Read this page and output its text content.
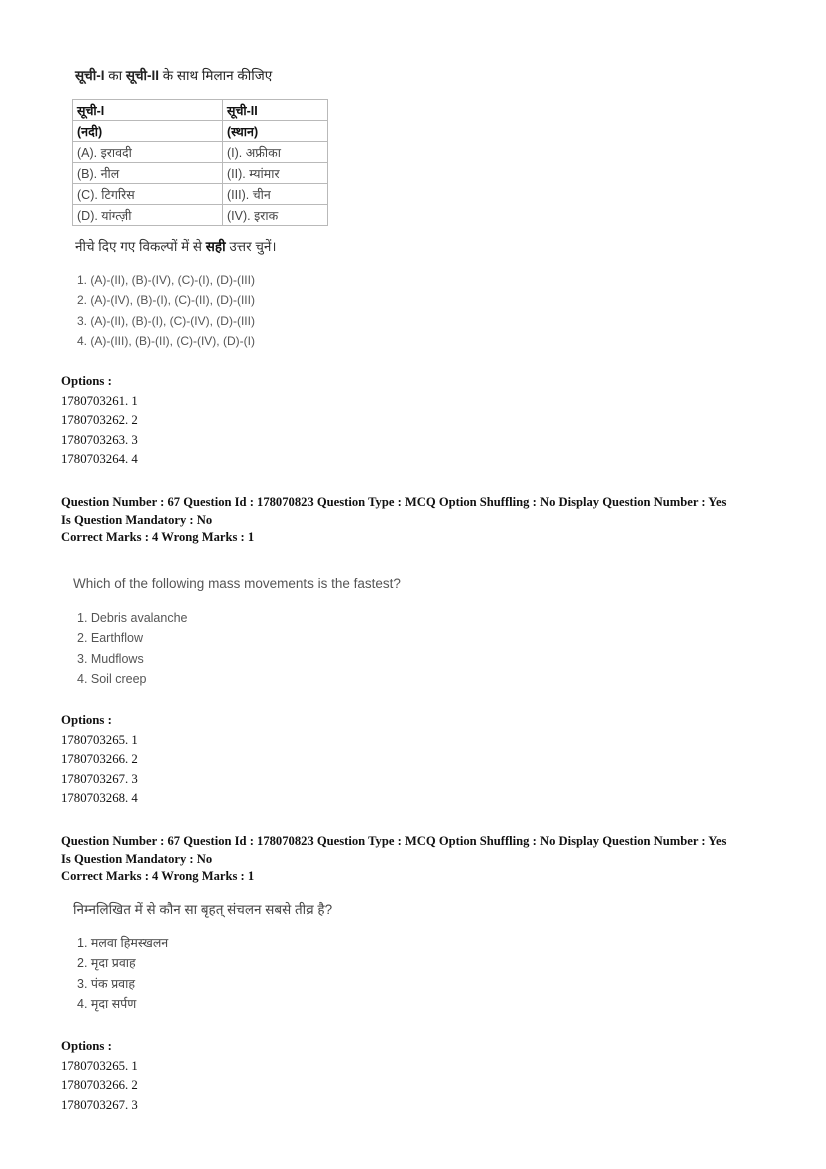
सूची-I का सूची-II के साथ मिलान कीजिए
सूची-I	सूची-II
(नदी)	(स्थान)
(A). इरावदी	(I). अफ्रीका
(B). नील	(II). म्यांमार
(C). टिगरिस	(III). चीन
(D). यांग्त्ज़ी	(IV). इराक
नीचे दिए गए विकल्पों में से सही उत्तर चुनें।
1. (A)-(II), (B)-(IV), (C)-(I), (D)-(III)
2. (A)-(IV), (B)-(I), (C)-(II), (D)-(III)
3. (A)-(II), (B)-(I), (C)-(IV), (D)-(III)
4. (A)-(III), (B)-(II), (C)-(IV), (D)-(I)
Options :
1780703261. 1
1780703262. 2
1780703263. 3
1780703264. 4
Question Number : 67 Question Id : 178070823 Question Type : MCQ Option Shuffling : No Display Question Number : Yes
Is Question Mandatory : No
Correct Marks : 4 Wrong Marks : 1
Which of the following mass movements is the fastest?
1. Debris avalanche
2. Earthflow
3. Mudflows
4. Soil creep
Options :
1780703265. 1
1780703266. 2
1780703267. 3
1780703268. 4
Question Number : 67 Question Id : 178070823 Question Type : MCQ Option Shuffling : No Display Question Number : Yes
Is Question Mandatory : No
Correct Marks : 4 Wrong Marks : 1
निम्नलिखित में से कौन सा बृहत् संचलन सबसे तीव्र है?
1. मलवा हिमस्खलन
2. मृदा प्रवाह
3. पंक प्रवाह
4. मृदा सर्पण
Options :
1780703265. 1
1780703266. 2
1780703267. 3
